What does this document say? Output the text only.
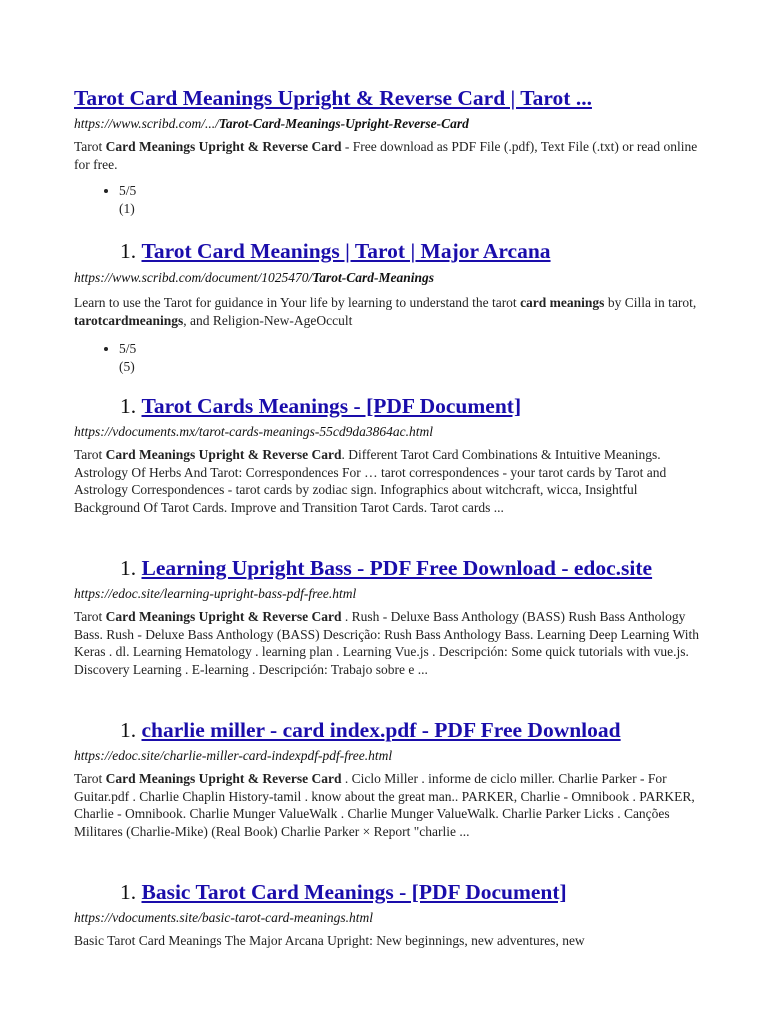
Tarot Card Meanings Upright & Reverse Card | Tarot ...
https://www.scribd.com/.../Tarot-Card-Meanings-Upright-Reverse-Card
Tarot Card Meanings Upright & Reverse Card - Free download as PDF File (.pdf), Text File (.txt) or read online for free.
• 5/5
(1)
1. Tarot Card Meanings | Tarot | Major Arcana
https://www.scribd.com/document/1025470/Tarot-Card-Meanings
Learn to use the Tarot for guidance in Your life by learning to understand the tarot card meanings by Cilla in tarot, tarotcardmeanings, and Religion-New-AgeOccult
• 5/5
(5)
1. Tarot Cards Meanings - [PDF Document]
https://vdocuments.mx/tarot-cards-meanings-55cd9da3864ac.html
Tarot Card Meanings Upright & Reverse Card. Different Tarot Card Combinations & Intuitive Meanings. Astrology Of Herbs And Tarot: Correspondences For … tarot correspondences - your tarot cards by Tarot and Astrology Correspondences - tarot cards by zodiac sign. Infographics about witchcraft, wicca, Insightful Background Of Tarot Cards. Improve and Transition Tarot Cards. Tarot cards ...
1. Learning Upright Bass - PDF Free Download - edoc.site
https://edoc.site/learning-upright-bass-pdf-free.html
Tarot Card Meanings Upright & Reverse Card . Rush - Deluxe Bass Anthology (BASS) Rush Bass Anthology Bass. Rush - Deluxe Bass Anthology (BASS) Descrição: Rush Bass Anthology Bass. Learning Deep Learning With Keras . dl. Learning Hematology . learning plan . Learning Vue.js . Descripción: Some quick tutorials with vue.js. Discovery Learning . E-learning . Descripción: Trabajo sobre e ...
1. charlie miller - card index.pdf - PDF Free Download
https://edoc.site/charlie-miller-card-indexpdf-pdf-free.html
Tarot Card Meanings Upright & Reverse Card . Ciclo Miller . informe de ciclo miller. Charlie Parker - For Guitar.pdf . Charlie Chaplin History-tamil . know about the great man.. PARKER, Charlie - Omnibook . PARKER, Charlie - Omnibook. Charlie Munger ValueWalk . Charlie Munger ValueWalk. Charlie Parker Licks . Canções Militares (Charlie-Mike) (Real Book) Charlie Parker × Report "charlie ...
1. Basic Tarot Card Meanings - [PDF Document]
https://vdocuments.site/basic-tarot-card-meanings.html
Basic Tarot Card Meanings The Major Arcana Upright: New beginnings, new adventures, new
